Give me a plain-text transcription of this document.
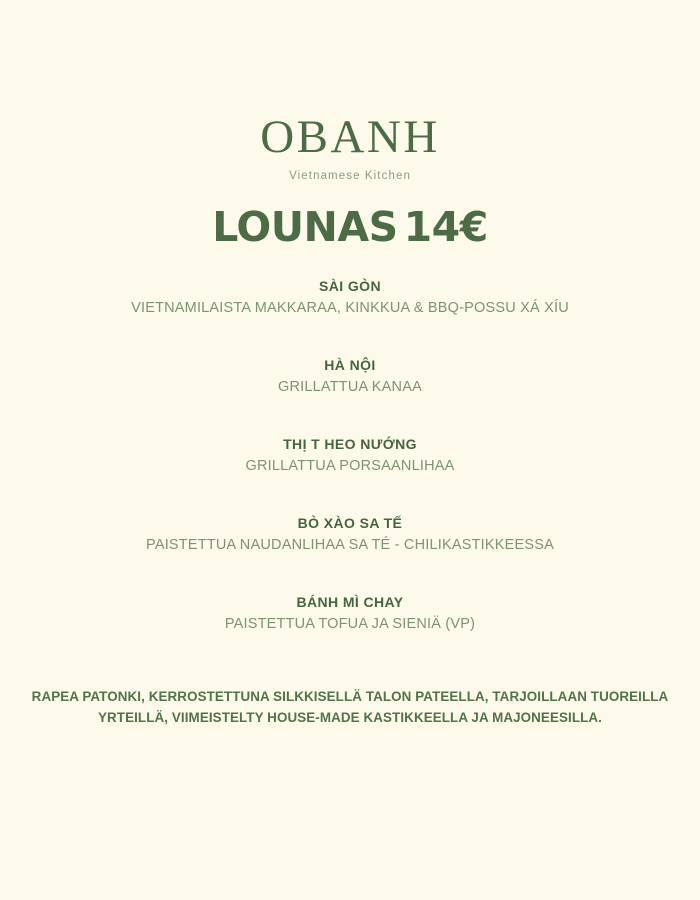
OBANH
Vietnamese Kitchen
LOUNAS 14€
SÀI GÒN
VIETNAMILAISTA MAKKARAA, KINKKUA & BBQ-POSSU XÁ XÍU
HÀ NỘI
GRILLATTUA KANAA
THỊ T HEO NƯỚNG
GRILLATTUA PORSAANLIHAA
BÒ XÀO SA TẾ
PAISTETTUA NAUDANLIHAA SA TÉ - CHILIKASTIKKEESSA
BÁNH MÌ CHAY
PAISTETTUA TOFUA JA SIENIÄ (VP)
RAPEA PATONKI, KERROSTETTUNA SILKKISELLÄ TALON PATEELLA, TARJOILLAAN TUOREILLA YRTEILLÄ, VIIMEISTELTY HOUSE-MADE KASTIKKEELLA JA MAJONEESILLA.
